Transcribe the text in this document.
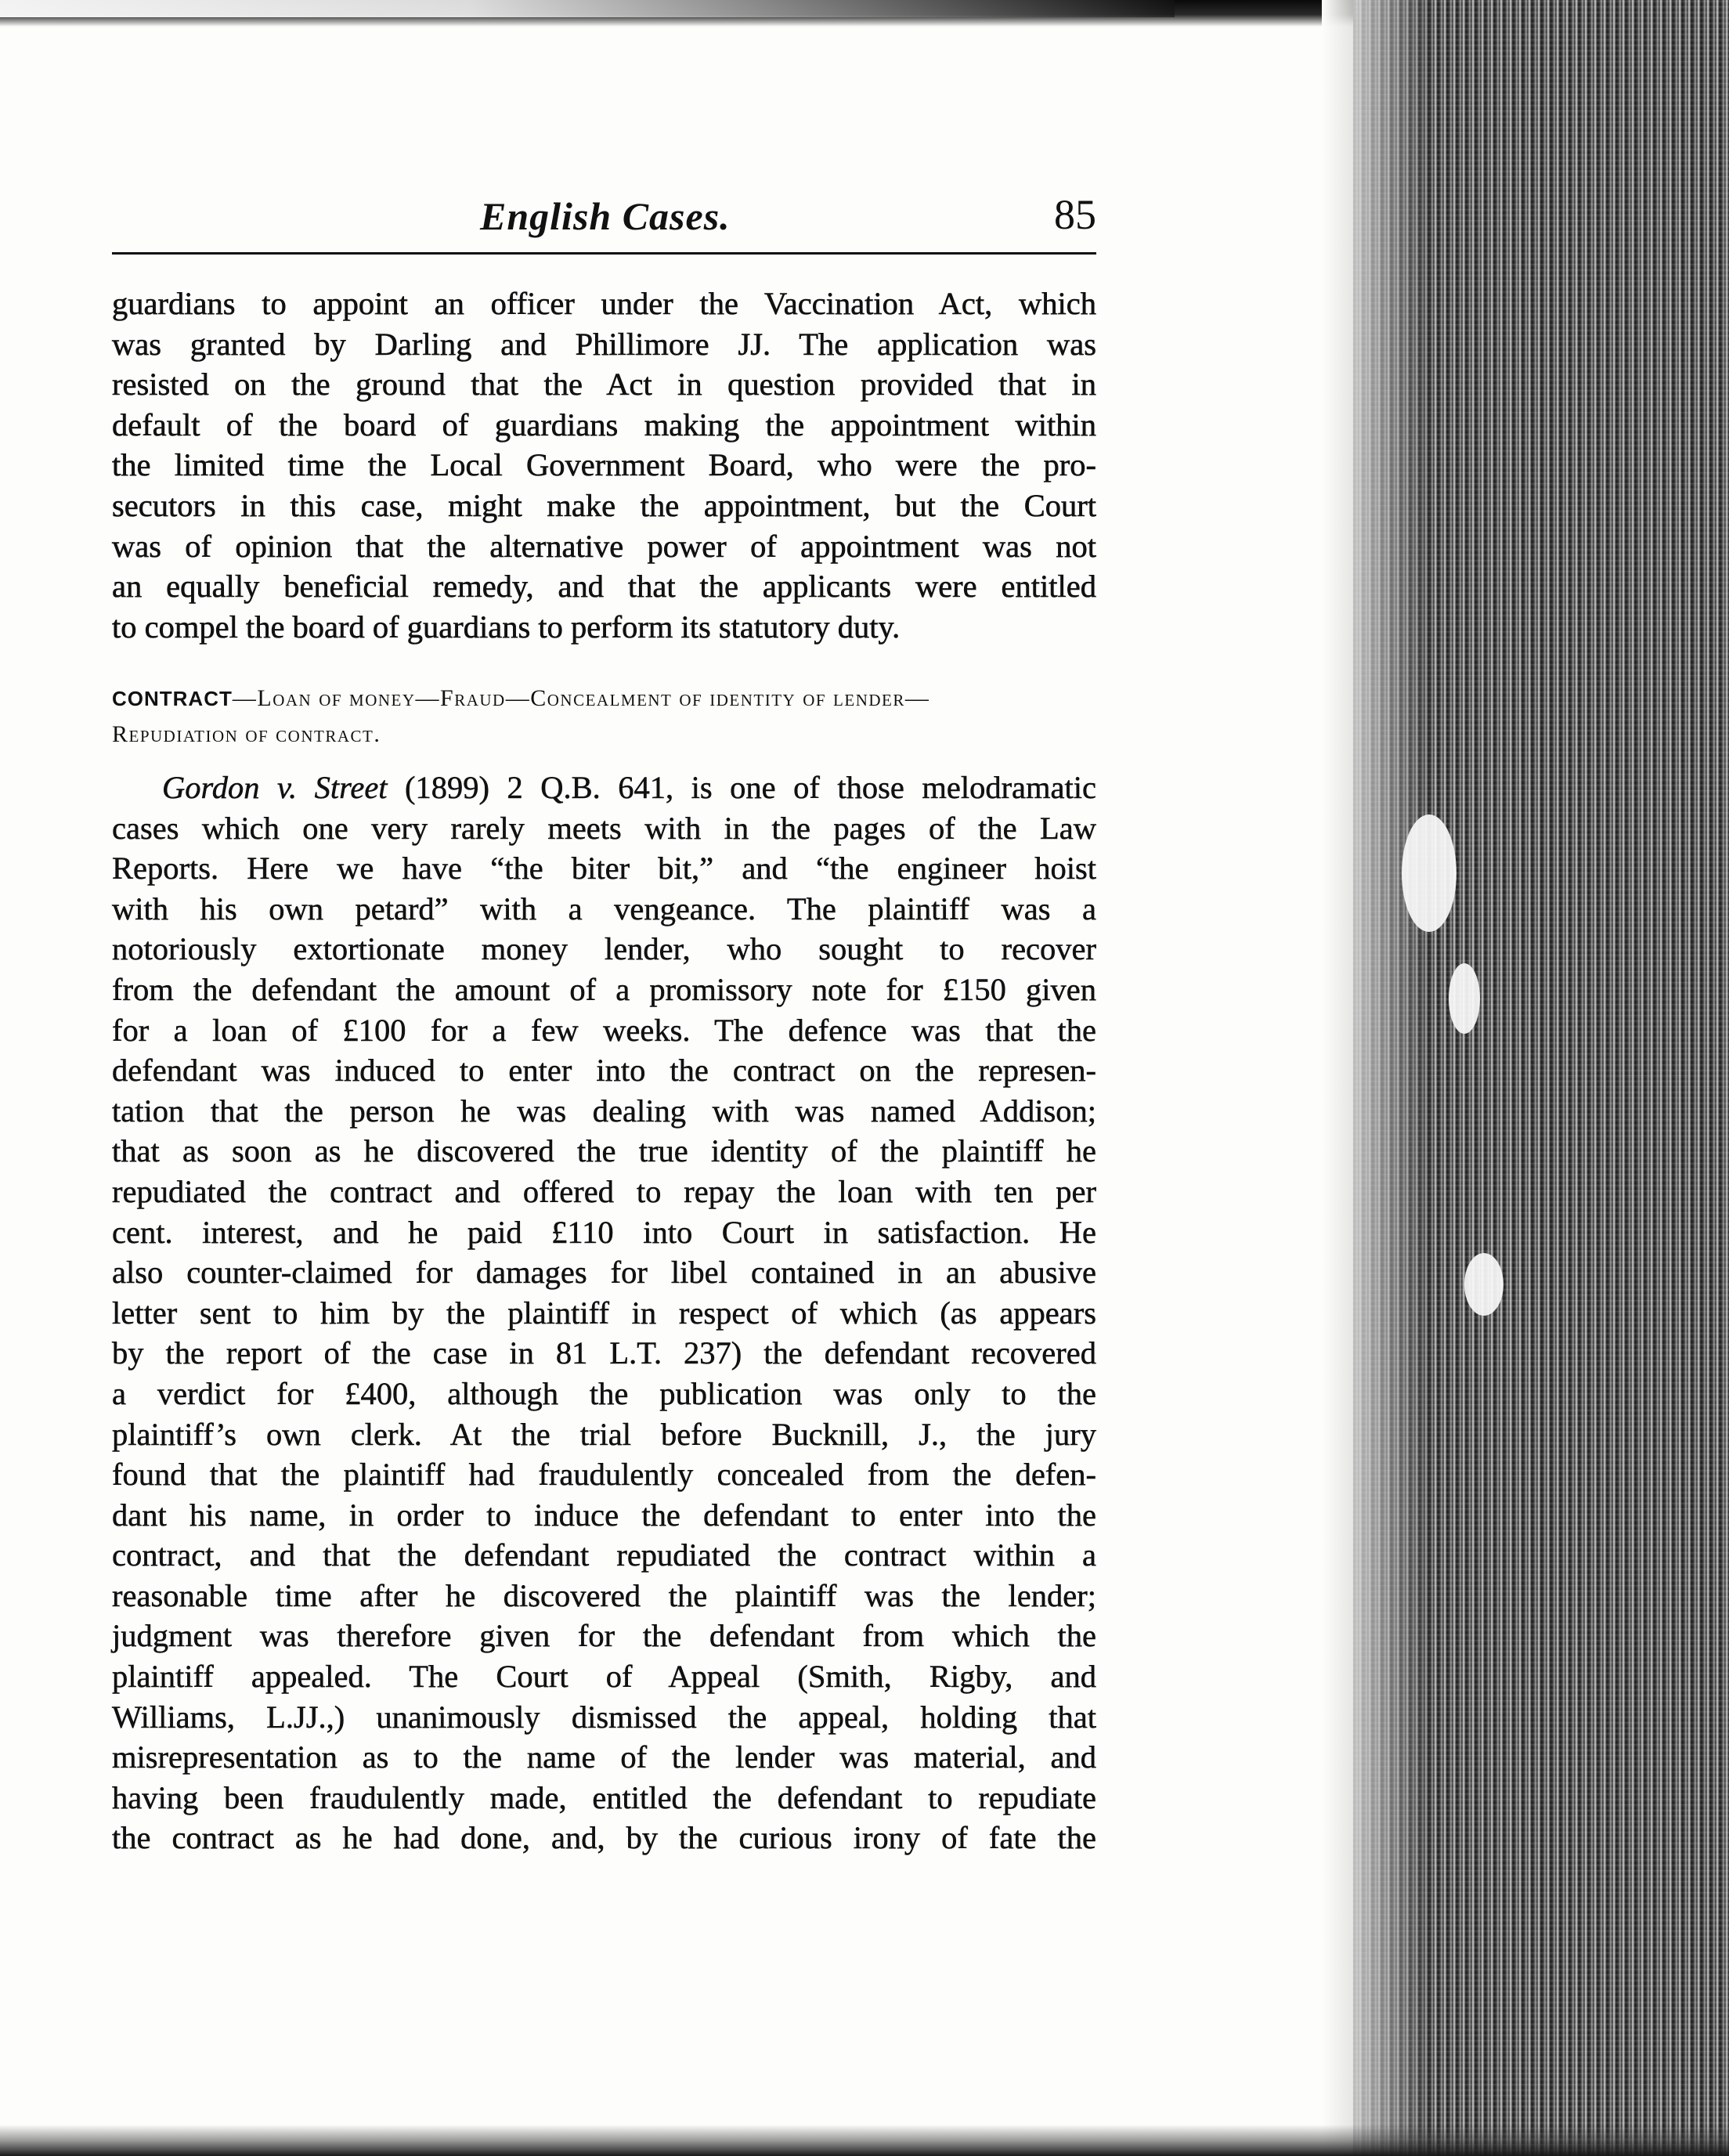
English Cases.	85
guardians to appoint an officer under the Vaccination Act, which
was granted by Darling and Phillimore JJ. The application was
resisted on the ground that the Act in question provided that in
default of the board of guardians making the appointment within
the limited time the Local Government Board, who were the pro-
secutors in this case, might make the appointment, but the Court
was of opinion that the alternative power of appointment was not
an equally beneficial remedy, and that the applicants were entitled
to compel the board of guardians to perform its statutory duty.
CONTRACT—Loan of money—Fraud—Concealment of identity of lender—
Repudiation of contract.
Gordon v. Street (1899) 2 Q.B. 641, is one of those melodramatic
cases which one very rarely meets with in the pages of the Law
Reports. Here we have “the biter bit,” and “the engineer hoist
with his own petard” with a vengeance. The plaintiff was a
notoriously extortionate money lender, who sought to recover
from the defendant the amount of a promissory note for £150 given
for a loan of £100 for a few weeks. The defence was that the
defendant was induced to enter into the contract on the represen-
tation that the person he was dealing with was named Addison;
that as soon as he discovered the true identity of the plaintiff he
repudiated the contract and offered to repay the loan with ten per
cent. interest, and he paid £110 into Court in satisfaction. He
also counter-claimed for damages for libel contained in an abusive
letter sent to him by the plaintiff in respect of which (as appears
by the report of the case in 81 L.T. 237) the defendant recovered
a verdict for £400, although the publication was only to the
plaintiff’s own clerk. At the trial before Bucknill, J., the jury
found that the plaintiff had fraudulently concealed from the defen-
dant his name, in order to induce the defendant to enter into the
contract, and that the defendant repudiated the contract within a
reasonable time after he discovered the plaintiff was the lender;
judgment was therefore given for the defendant from which the
plaintiff appealed. The Court of Appeal (Smith, Rigby, and
Williams, L.JJ.,) unanimously dismissed the appeal, holding that
misrepresentation as to the name of the lender was material, and
having been fraudulently made, entitled the defendant to repudiate
the contract as he had done, and, by the curious irony of fate the
